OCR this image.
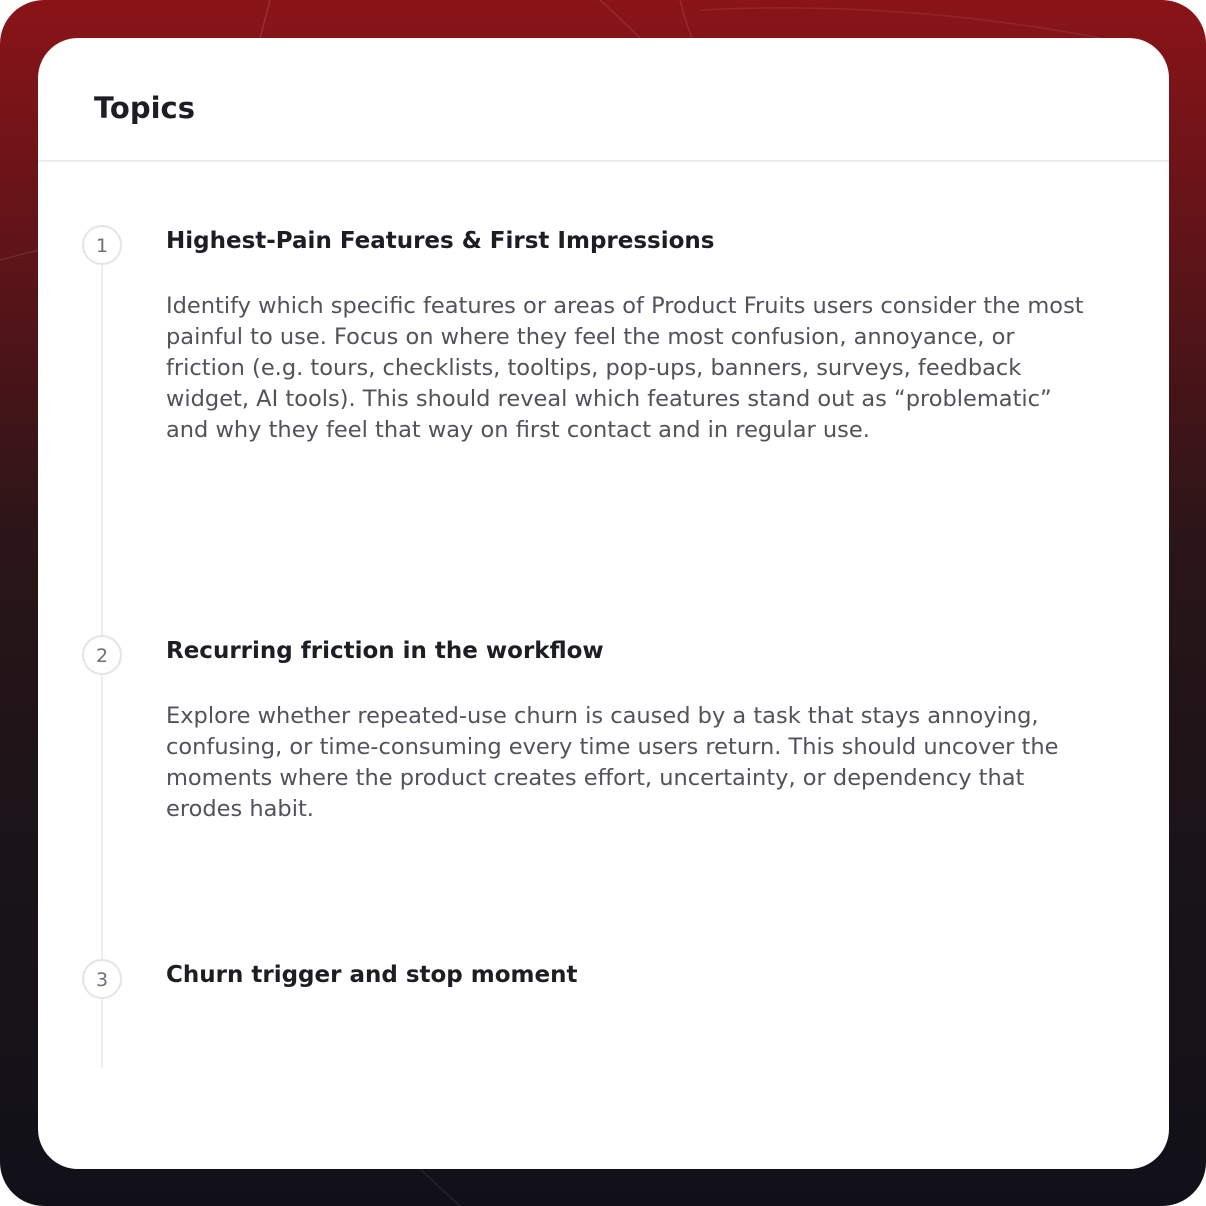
Topics
1	Highest-Pain Features & First Impressions

Identify which specific features or areas of Product Fruits users consider the most painful to use. Focus on where they feel the most confusion, annoyance, or friction (e.g. tours, checklists, tooltips, pop-ups, banners, surveys, feedback widget, AI tools). This should reveal which features stand out as “problematic” and why they feel that way on first contact and in regular use.

2	Recurring friction in the workflow

Explore whether repeated-use churn is caused by a task that stays annoying, confusing, or time-consuming every time users return. This should uncover the moments where the product creates effort, uncertainty, or dependency that erodes habit.

3	Churn trigger and stop moment
